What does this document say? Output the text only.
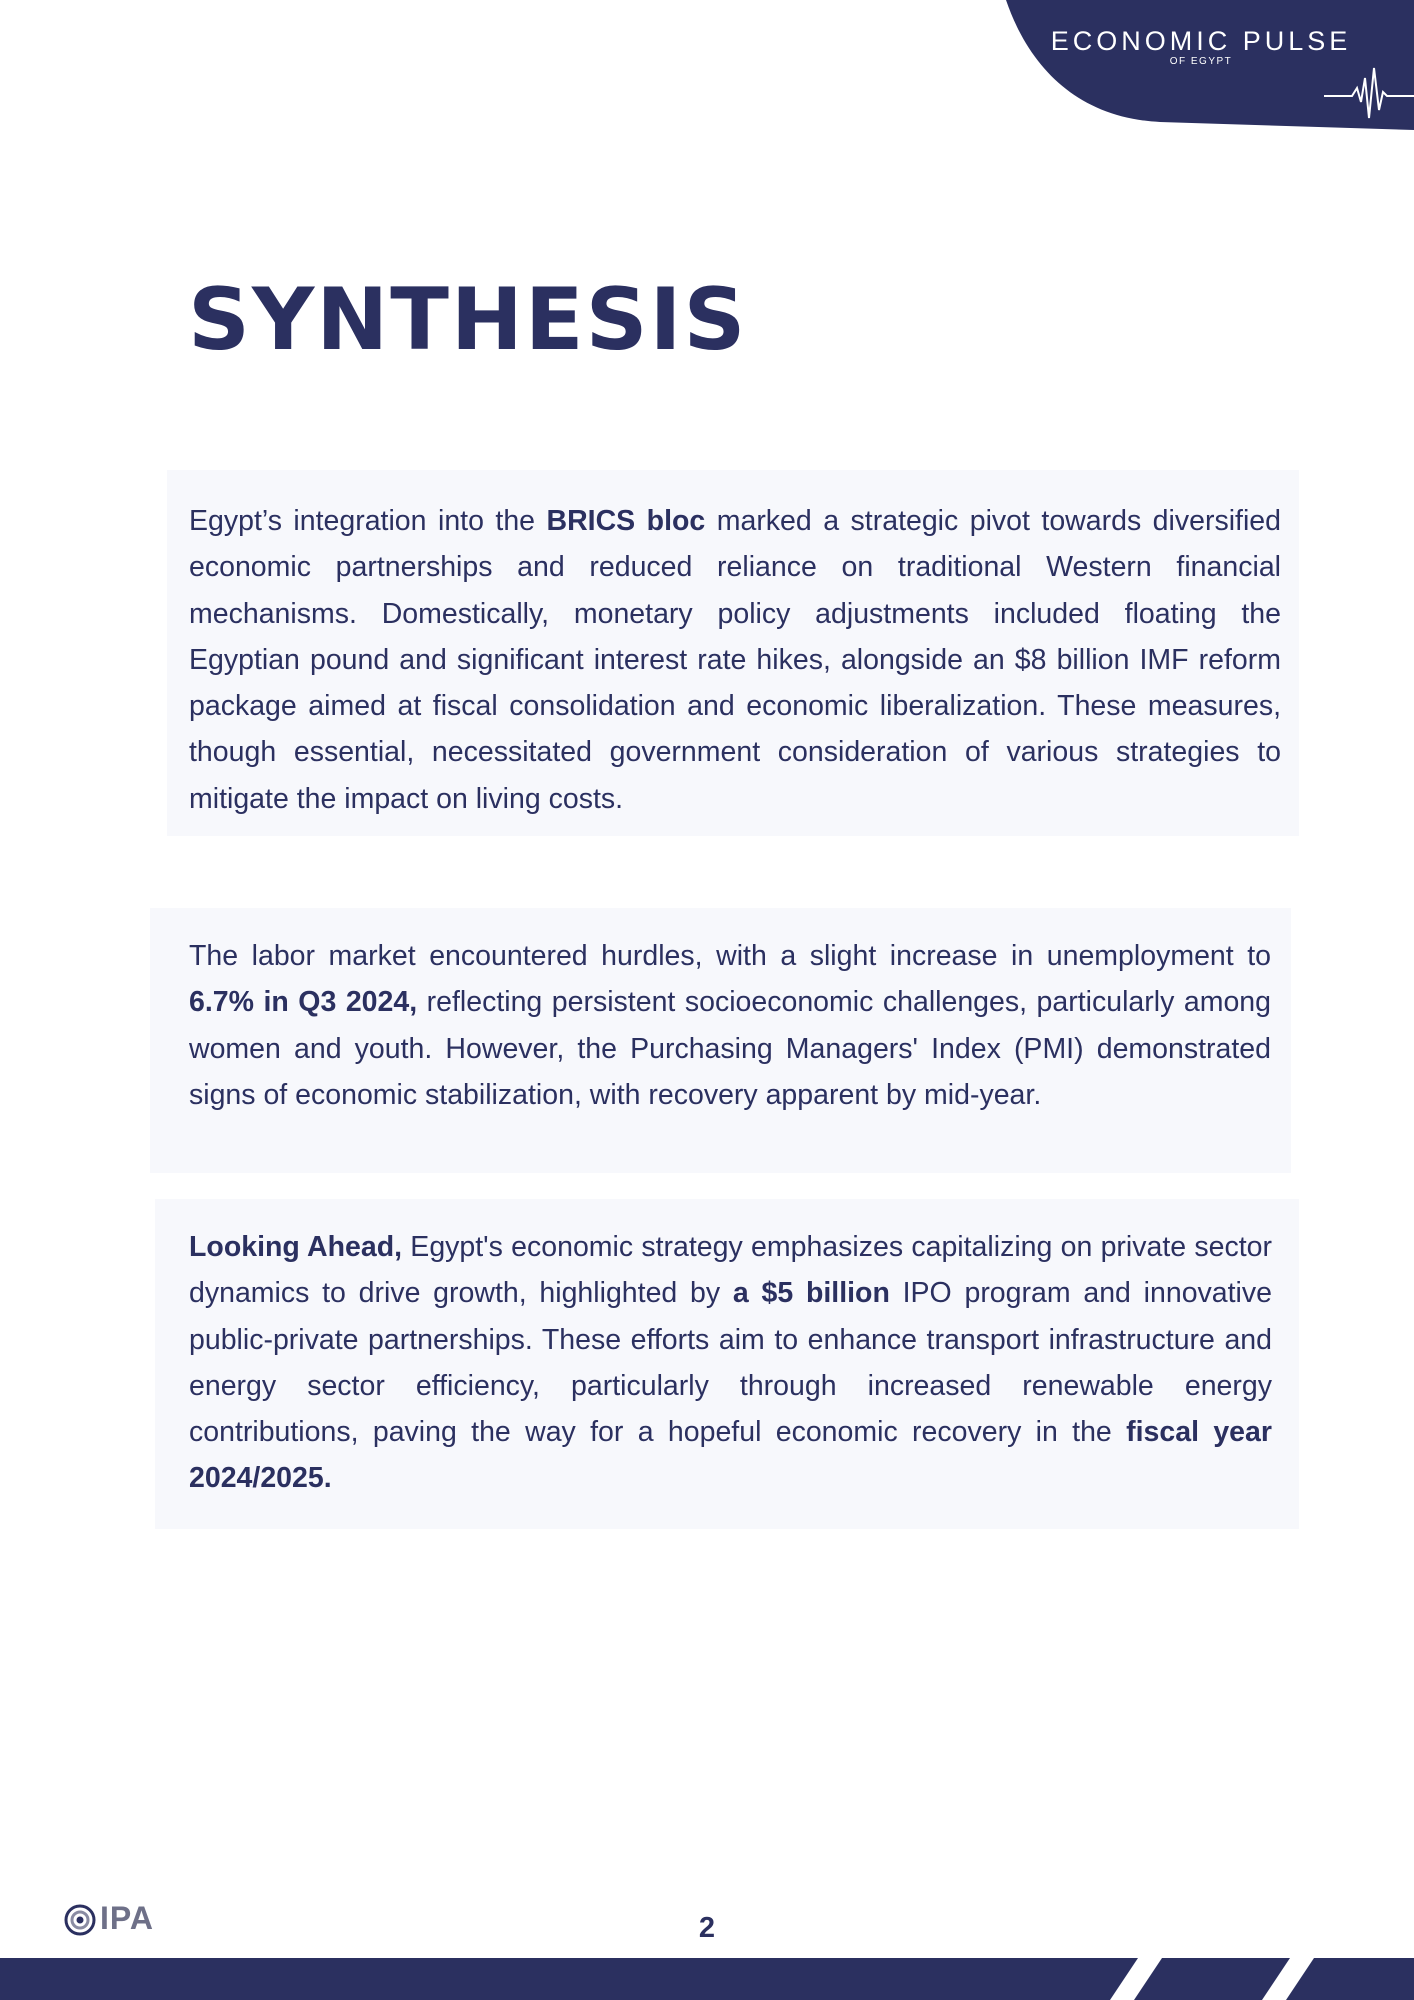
ECONOMIC PULSE
OF EGYPT
SYNTHESIS

Egypt’s integration into the BRICS bloc marked a strategic pivot towards diversified economic partnerships and reduced reliance on traditional Western financial mechanisms. Domestically, monetary policy adjustments included floating the Egyptian pound and significant interest rate hikes, alongside an $8 billion IMF reform package aimed at fiscal consolidation and economic liberalization. These measures, though essential, necessitated government consideration of various strategies to mitigate the impact on living costs.

The labor market encountered hurdles, with a slight increase in unemployment to 6.7% in Q3 2024, reflecting persistent socioeconomic challenges, particularly among women and youth. However, the Purchasing Managers' Index (PMI) demonstrated signs of economic stabilization, with recovery apparent by mid-year.

Looking Ahead, Egypt's economic strategy emphasizes capitalizing on private sector dynamics to drive growth, highlighted by a $5 billion IPO program and innovative public-private partnerships. These efforts aim to enhance transport infrastructure and energy sector efficiency, particularly through increased renewable energy contributions, paving the way for a hopeful economic recovery in the fiscal year 2024/2025.

IPA	2
